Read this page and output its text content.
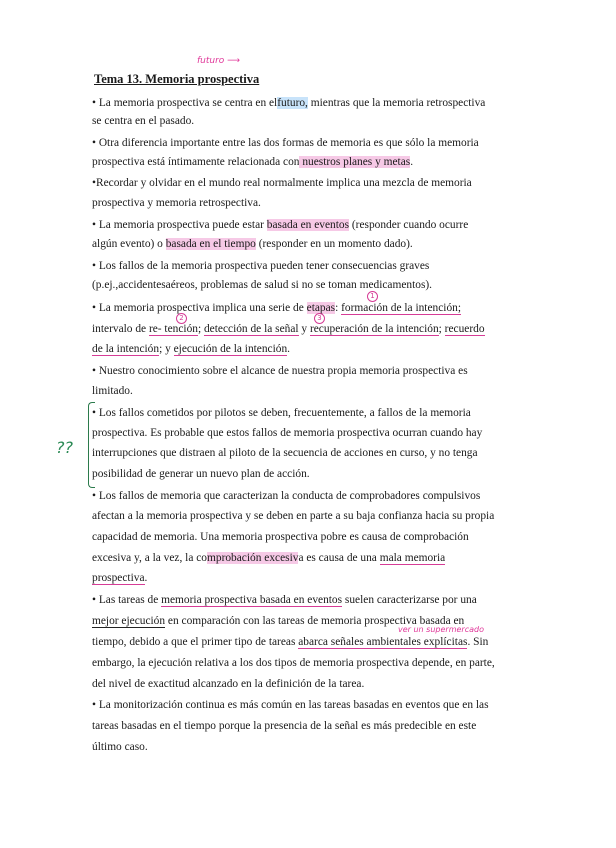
futuro ⟶
Tema 13. Memoria prospectiva
• La memoria prospectiva se centra en elfuturo, mientras que la memoria retrospectiva
se centra en el pasado.
• Otra diferencia importante entre las dos formas de memoria es que sólo la memoria
prospectiva está íntimamente relacionada con nuestros planes y metas.
•Recordar y olvidar en el mundo real normalmente implica una mezcla de memoria
prospectiva y memoria retrospectiva.
• La memoria prospectiva puede estar basada en eventos (responder cuando ocurre
algún evento) o basada en el tiempo (responder en un momento dado).
• Los fallos de la memoria prospectiva pueden tener consecuencias graves
(p.ej.,accidentesaéreos, problemas de salud si no se toman medicamentos).
1
• La memoria prospectiva implica una serie de etapas: formación de la intención;
2	3
intervalo de re- tención; detección de la señal y recuperación de la intención; recuerdo
de la intención; y ejecución de la intención.
• Nuestro conocimiento sobre el alcance de nuestra propia memoria prospectiva es
limitado.
??
• Los fallos cometidos por pilotos se deben, frecuentemente, a fallos de la memoria
prospectiva. Es probable que estos fallos de memoria prospectiva ocurran cuando hay
interrupciones que distraen al piloto de la secuencia de acciones en curso, y no tenga
posibilidad de generar un nuevo plan de acción.
• Los fallos de memoria que caracterizan la conducta de comprobadores compulsivos
afectan a la memoria prospectiva y se deben en parte a su baja confianza hacia su propia
capacidad de memoria. Una memoria prospectiva pobre es causa de comprobación
excesiva y, a la vez, la comprobación excesiva es causa de una mala memoria
prospectiva.
• Las tareas de memoria prospectiva basada en eventos suelen caracterizarse por una
mejor ejecución en comparación con las tareas de memoria prospectiva basada en
ver un supermercado
tiempo, debido a que el primer tipo de tareas abarca señales ambientales explícitas. Sin
embargo, la ejecución relativa a los dos tipos de memoria prospectiva depende, en parte,
del nivel de exactitud alcanzado en la definición de la tarea.
• La monitorización continua es más común en las tareas basadas en eventos que en las
tareas basadas en el tiempo porque la presencia de la señal es más predecible en este
último caso.
